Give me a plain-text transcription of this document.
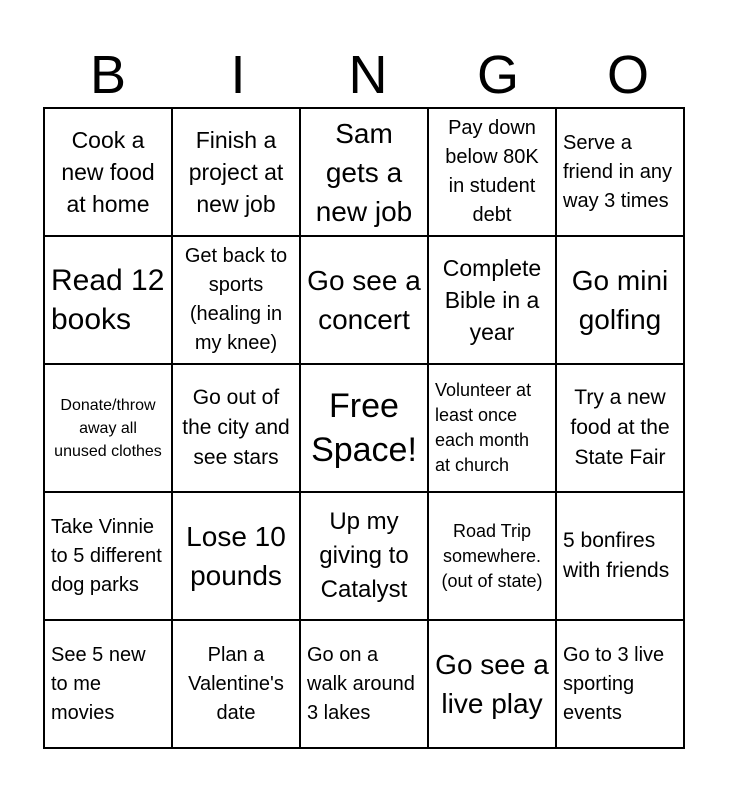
B	I	N	G	O
Cook a new food at home	Finish a project at new job	Sam gets a new job	Pay down below 80K in student debt	Serve a friend in any way 3 times
Read 12 books	Get back to sports (healing in my knee)	Go see a concert	Complete Bible in a year	Go mini golfing
Donate/throw away all unused clothes	Go out of the city and see stars	Free Space!	Volunteer at least once each month at church	Try a new food at the State Fair
Take Vinnie to 5 different dog parks	Lose 10 pounds	Up my giving to Catalyst	Road Trip somewhere. (out of state)	5 bonfires with friends
See 5 new to me movies	Plan a Valentine's date	Go on a walk around 3 lakes	Go see a live play	Go to 3 live sporting events
